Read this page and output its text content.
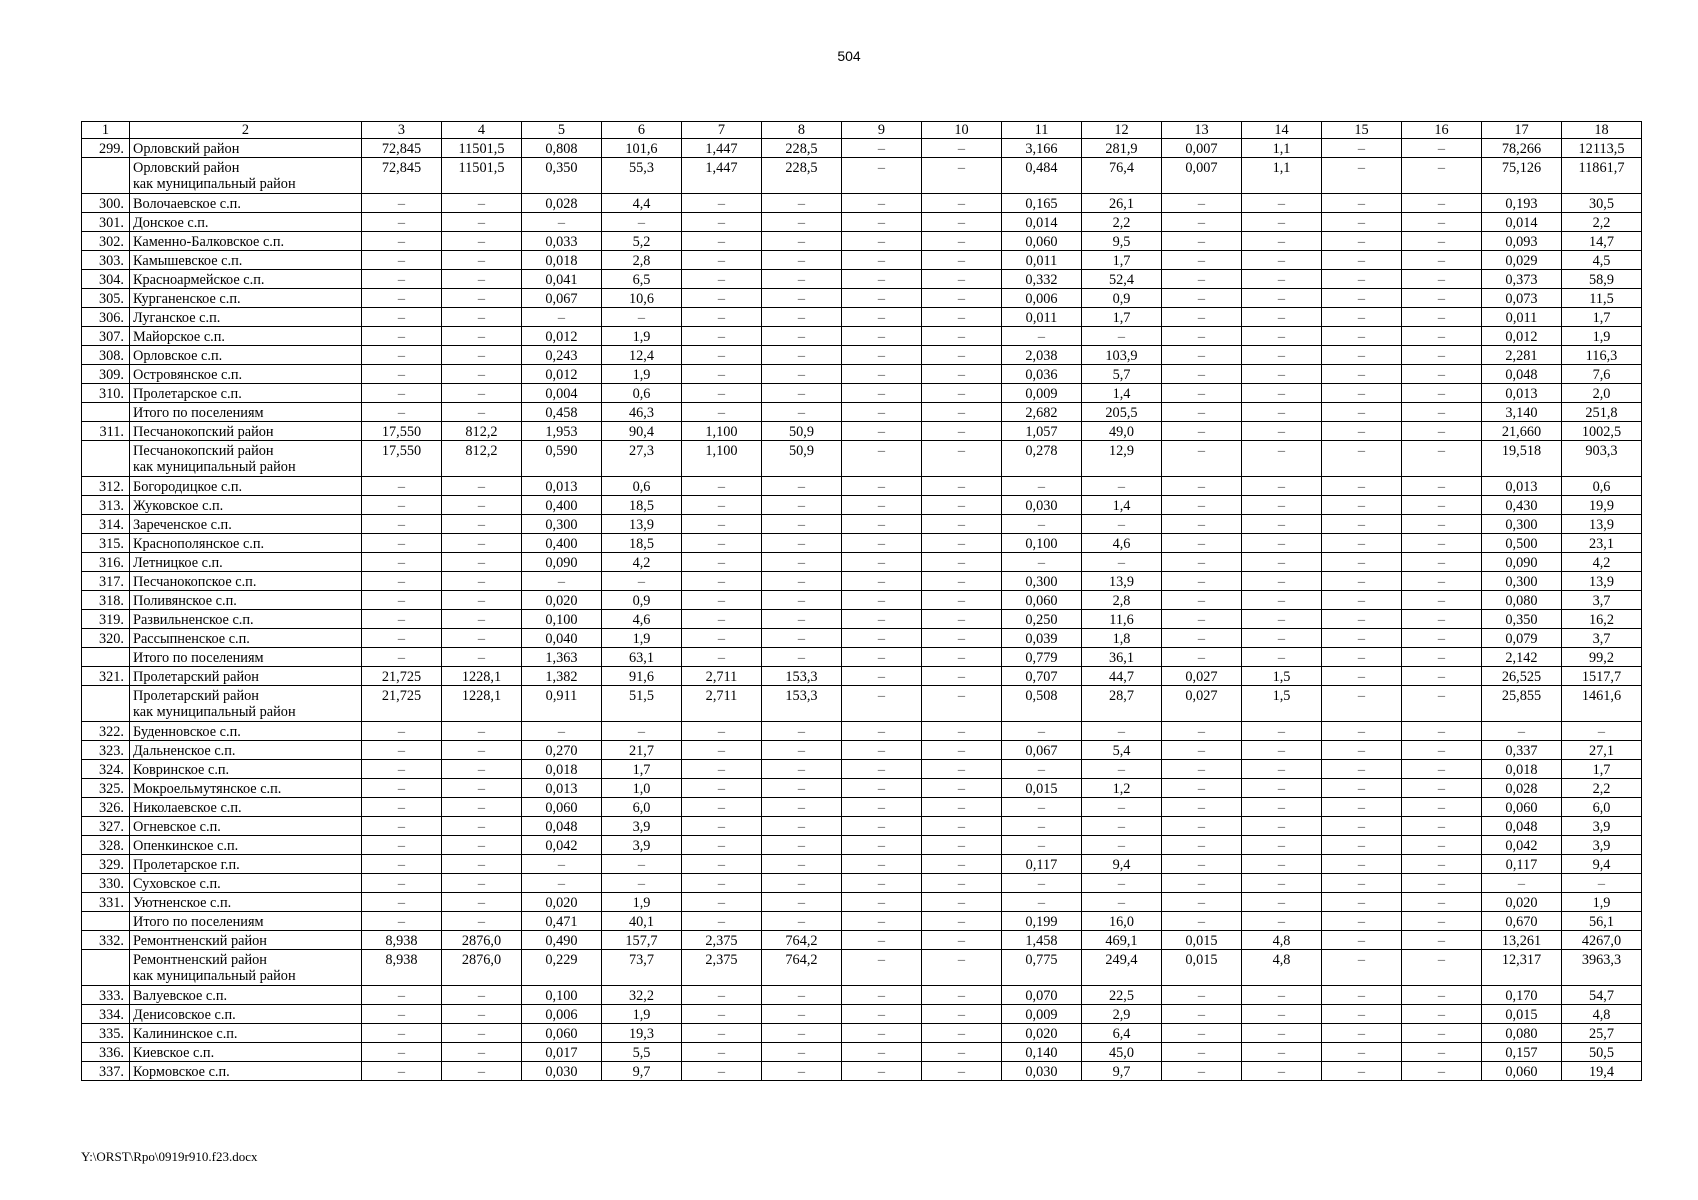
504
1	2	3	4	5	6	7	8	9	10	11	12	13	14	15	16	17	18
299.	Орловский район	72,845	11501,5	0,808	101,6	1,447	228,5	–	–	3,166	281,9	0,007	1,1	–	–	78,266	12113,5
	Орловский район
как муниципальный район	72,845	11501,5	0,350	55,3	1,447	228,5	–	–	0,484	76,4	0,007	1,1	–	–	75,126	11861,7
300.	Волочаевское с.п.	–	–	0,028	4,4	–	–	–	–	0,165	26,1	–	–	–	–	0,193	30,5
301.	Донское с.п.	–	–	–	–	–	–	–	–	0,014	2,2	–	–	–	–	0,014	2,2
302.	Каменно-Балковское с.п.	–	–	0,033	5,2	–	–	–	–	0,060	9,5	–	–	–	–	0,093	14,7
303.	Камышевское с.п.	–	–	0,018	2,8	–	–	–	–	0,011	1,7	–	–	–	–	0,029	4,5
304.	Красноармейское с.п.	–	–	0,041	6,5	–	–	–	–	0,332	52,4	–	–	–	–	0,373	58,9
305.	Курганенское с.п.	–	–	0,067	10,6	–	–	–	–	0,006	0,9	–	–	–	–	0,073	11,5
306.	Луганское с.п.	–	–	–	–	–	–	–	–	0,011	1,7	–	–	–	–	0,011	1,7
307.	Майорское с.п.	–	–	0,012	1,9	–	–	–	–	–	–	–	–	–	–	0,012	1,9
308.	Орловское с.п.	–	–	0,243	12,4	–	–	–	–	2,038	103,9	–	–	–	–	2,281	116,3
309.	Островянское с.п.	–	–	0,012	1,9	–	–	–	–	0,036	5,7	–	–	–	–	0,048	7,6
310.	Пролетарское с.п.	–	–	0,004	0,6	–	–	–	–	0,009	1,4	–	–	–	–	0,013	2,0
	Итого по поселениям	–	–	0,458	46,3	–	–	–	–	2,682	205,5	–	–	–	–	3,140	251,8
311.	Песчанокопский район	17,550	812,2	1,953	90,4	1,100	50,9	–	–	1,057	49,0	–	–	–	–	21,660	1002,5
	Песчанокопский район
как муниципальный район	17,550	812,2	0,590	27,3	1,100	50,9	–	–	0,278	12,9	–	–	–	–	19,518	903,3
312.	Богородицкое с.п.	–	–	0,013	0,6	–	–	–	–	–	–	–	–	–	–	0,013	0,6
313.	Жуковское с.п.	–	–	0,400	18,5	–	–	–	–	0,030	1,4	–	–	–	–	0,430	19,9
314.	Зареченское с.п.	–	–	0,300	13,9	–	–	–	–	–	–	–	–	–	–	0,300	13,9
315.	Краснополянское с.п.	–	–	0,400	18,5	–	–	–	–	0,100	4,6	–	–	–	–	0,500	23,1
316.	Летницкое с.п.	–	–	0,090	4,2	–	–	–	–	–	–	–	–	–	–	0,090	4,2
317.	Песчанокопское с.п.	–	–	–	–	–	–	–	–	0,300	13,9	–	–	–	–	0,300	13,9
318.	Поливянское с.п.	–	–	0,020	0,9	–	–	–	–	0,060	2,8	–	–	–	–	0,080	3,7
319.	Развильненское с.п.	–	–	0,100	4,6	–	–	–	–	0,250	11,6	–	–	–	–	0,350	16,2
320.	Рассыпненское с.п.	–	–	0,040	1,9	–	–	–	–	0,039	1,8	–	–	–	–	0,079	3,7
	Итого по поселениям	–	–	1,363	63,1	–	–	–	–	0,779	36,1	–	–	–	–	2,142	99,2
321.	Пролетарский район	21,725	1228,1	1,382	91,6	2,711	153,3	–	–	0,707	44,7	0,027	1,5	–	–	26,525	1517,7
	Пролетарский район
как муниципальный район	21,725	1228,1	0,911	51,5	2,711	153,3	–	–	0,508	28,7	0,027	1,5	–	–	25,855	1461,6
322.	Буденновское с.п.	–	–	–	–	–	–	–	–	–	–	–	–	–	–	–	–
323.	Дальненское с.п.	–	–	0,270	21,7	–	–	–	–	0,067	5,4	–	–	–	–	0,337	27,1
324.	Ковринское с.п.	–	–	0,018	1,7	–	–	–	–	–	–	–	–	–	–	0,018	1,7
325.	Мокроельмутянское с.п.	–	–	0,013	1,0	–	–	–	–	0,015	1,2	–	–	–	–	0,028	2,2
326.	Николаевское с.п.	–	–	0,060	6,0	–	–	–	–	–	–	–	–	–	–	0,060	6,0
327.	Огневское с.п.	–	–	0,048	3,9	–	–	–	–	–	–	–	–	–	–	0,048	3,9
328.	Опенкинское с.п.	–	–	0,042	3,9	–	–	–	–	–	–	–	–	–	–	0,042	3,9
329.	Пролетарское г.п.	–	–	–	–	–	–	–	–	0,117	9,4	–	–	–	–	0,117	9,4
330.	Суховское с.п.	–	–	–	–	–	–	–	–	–	–	–	–	–	–	–	–
331.	Уютненское с.п.	–	–	0,020	1,9	–	–	–	–	–	–	–	–	–	–	0,020	1,9
	Итого по поселениям	–	–	0,471	40,1	–	–	–	–	0,199	16,0	–	–	–	–	0,670	56,1
332.	Ремонтненский район	8,938	2876,0	0,490	157,7	2,375	764,2	–	–	1,458	469,1	0,015	4,8	–	–	13,261	4267,0
	Ремонтненский район
как муниципальный район	8,938	2876,0	0,229	73,7	2,375	764,2	–	–	0,775	249,4	0,015	4,8	–	–	12,317	3963,3
333.	Валуевское с.п.	–	–	0,100	32,2	–	–	–	–	0,070	22,5	–	–	–	–	0,170	54,7
334.	Денисовское с.п.	–	–	0,006	1,9	–	–	–	–	0,009	2,9	–	–	–	–	0,015	4,8
335.	Калининское с.п.	–	–	0,060	19,3	–	–	–	–	0,020	6,4	–	–	–	–	0,080	25,7
336.	Киевское с.п.	–	–	0,017	5,5	–	–	–	–	0,140	45,0	–	–	–	–	0,157	50,5
337.	Кормовское с.п.	–	–	0,030	9,7	–	–	–	–	0,030	9,7	–	–	–	–	0,060	19,4
Y:\ORST\Rpo\0919r910.f23.docx
